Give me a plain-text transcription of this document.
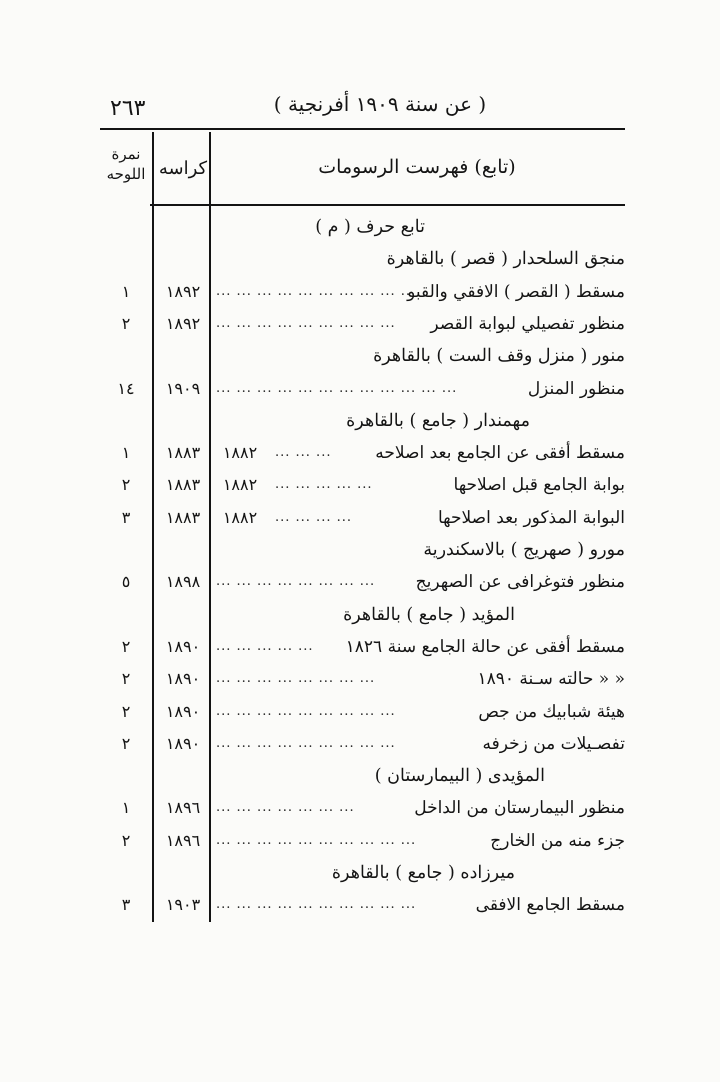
٢٦٣	( عن سنة ١٩٠٩ أفرنجية )
نمرة اللوحه كراسه	(تابع) فهرست الرسومات
تابع حرف ( م )
منجق السلحدار ( قصر ) بالقاهرة
مسقط ( القصر ) الافقي والقبو
... ... ... ... ... ... ... ... ... ...
١٨٩٢
١
منظور تفصيلي لبوابة القصر
... ... ... ... ... ... ... ... ...
١٨٩٢
٢
منور ( منزل وقف الست ) بالقاهرة
منظور المنزل
... ... ... ... ... ... ... ... ... ... ... ...
١٩٠٩
١٤
مهمندار ( جامع ) بالقاهرة
مسقط أفقى عن الجامع بعد اصلاحه
... ... ...
١٨٨٢
١٨٨٣
١
بوابة الجامع قبل اصلاحها
... ... ... ... ...
١٨٨٢
١٨٨٣
٢
البوابة المذكور بعد اصلاحها
... ... ... ...
١٨٨٢
١٨٨٣
٣
مورو ( صهريج ) بالاسكندرية
منظور فتوغرافى عن الصهريج
... ... ... ... ... ... ... ...
١٨٩٨
٥
المؤيد ( جامع ) بالقاهرة
مسقط أفقى عن حالة الجامع سنة ١٨٢٦
... ... ... ... ...
١٨٩٠
٢
« « حالته سـنة ١٨٩٠
... ... ... ... ... ... ... ...
١٨٩٠
٢
هيئة شبابيك من جص
... ... ... ... ... ... ... ... ...
١٨٩٠
٢
تفصـيلات من زخرفه
... ... ... ... ... ... ... ... ...
١٨٩٠
٢
المؤيدى ( البيمارستان )
منظور البيمارستان من الداخل
... ... ... ... ... ... ...
١٨٩٦
١
جزء منه من الخارج
... ... ... ... ... ... ... ... ... ...
١٨٩٦
٢
ميرزاده ( جامع ) بالقاهرة
مسقط الجامع الافقى
... ... ... ... ... ... ... ... ... ...
١٩٠٣
٣
